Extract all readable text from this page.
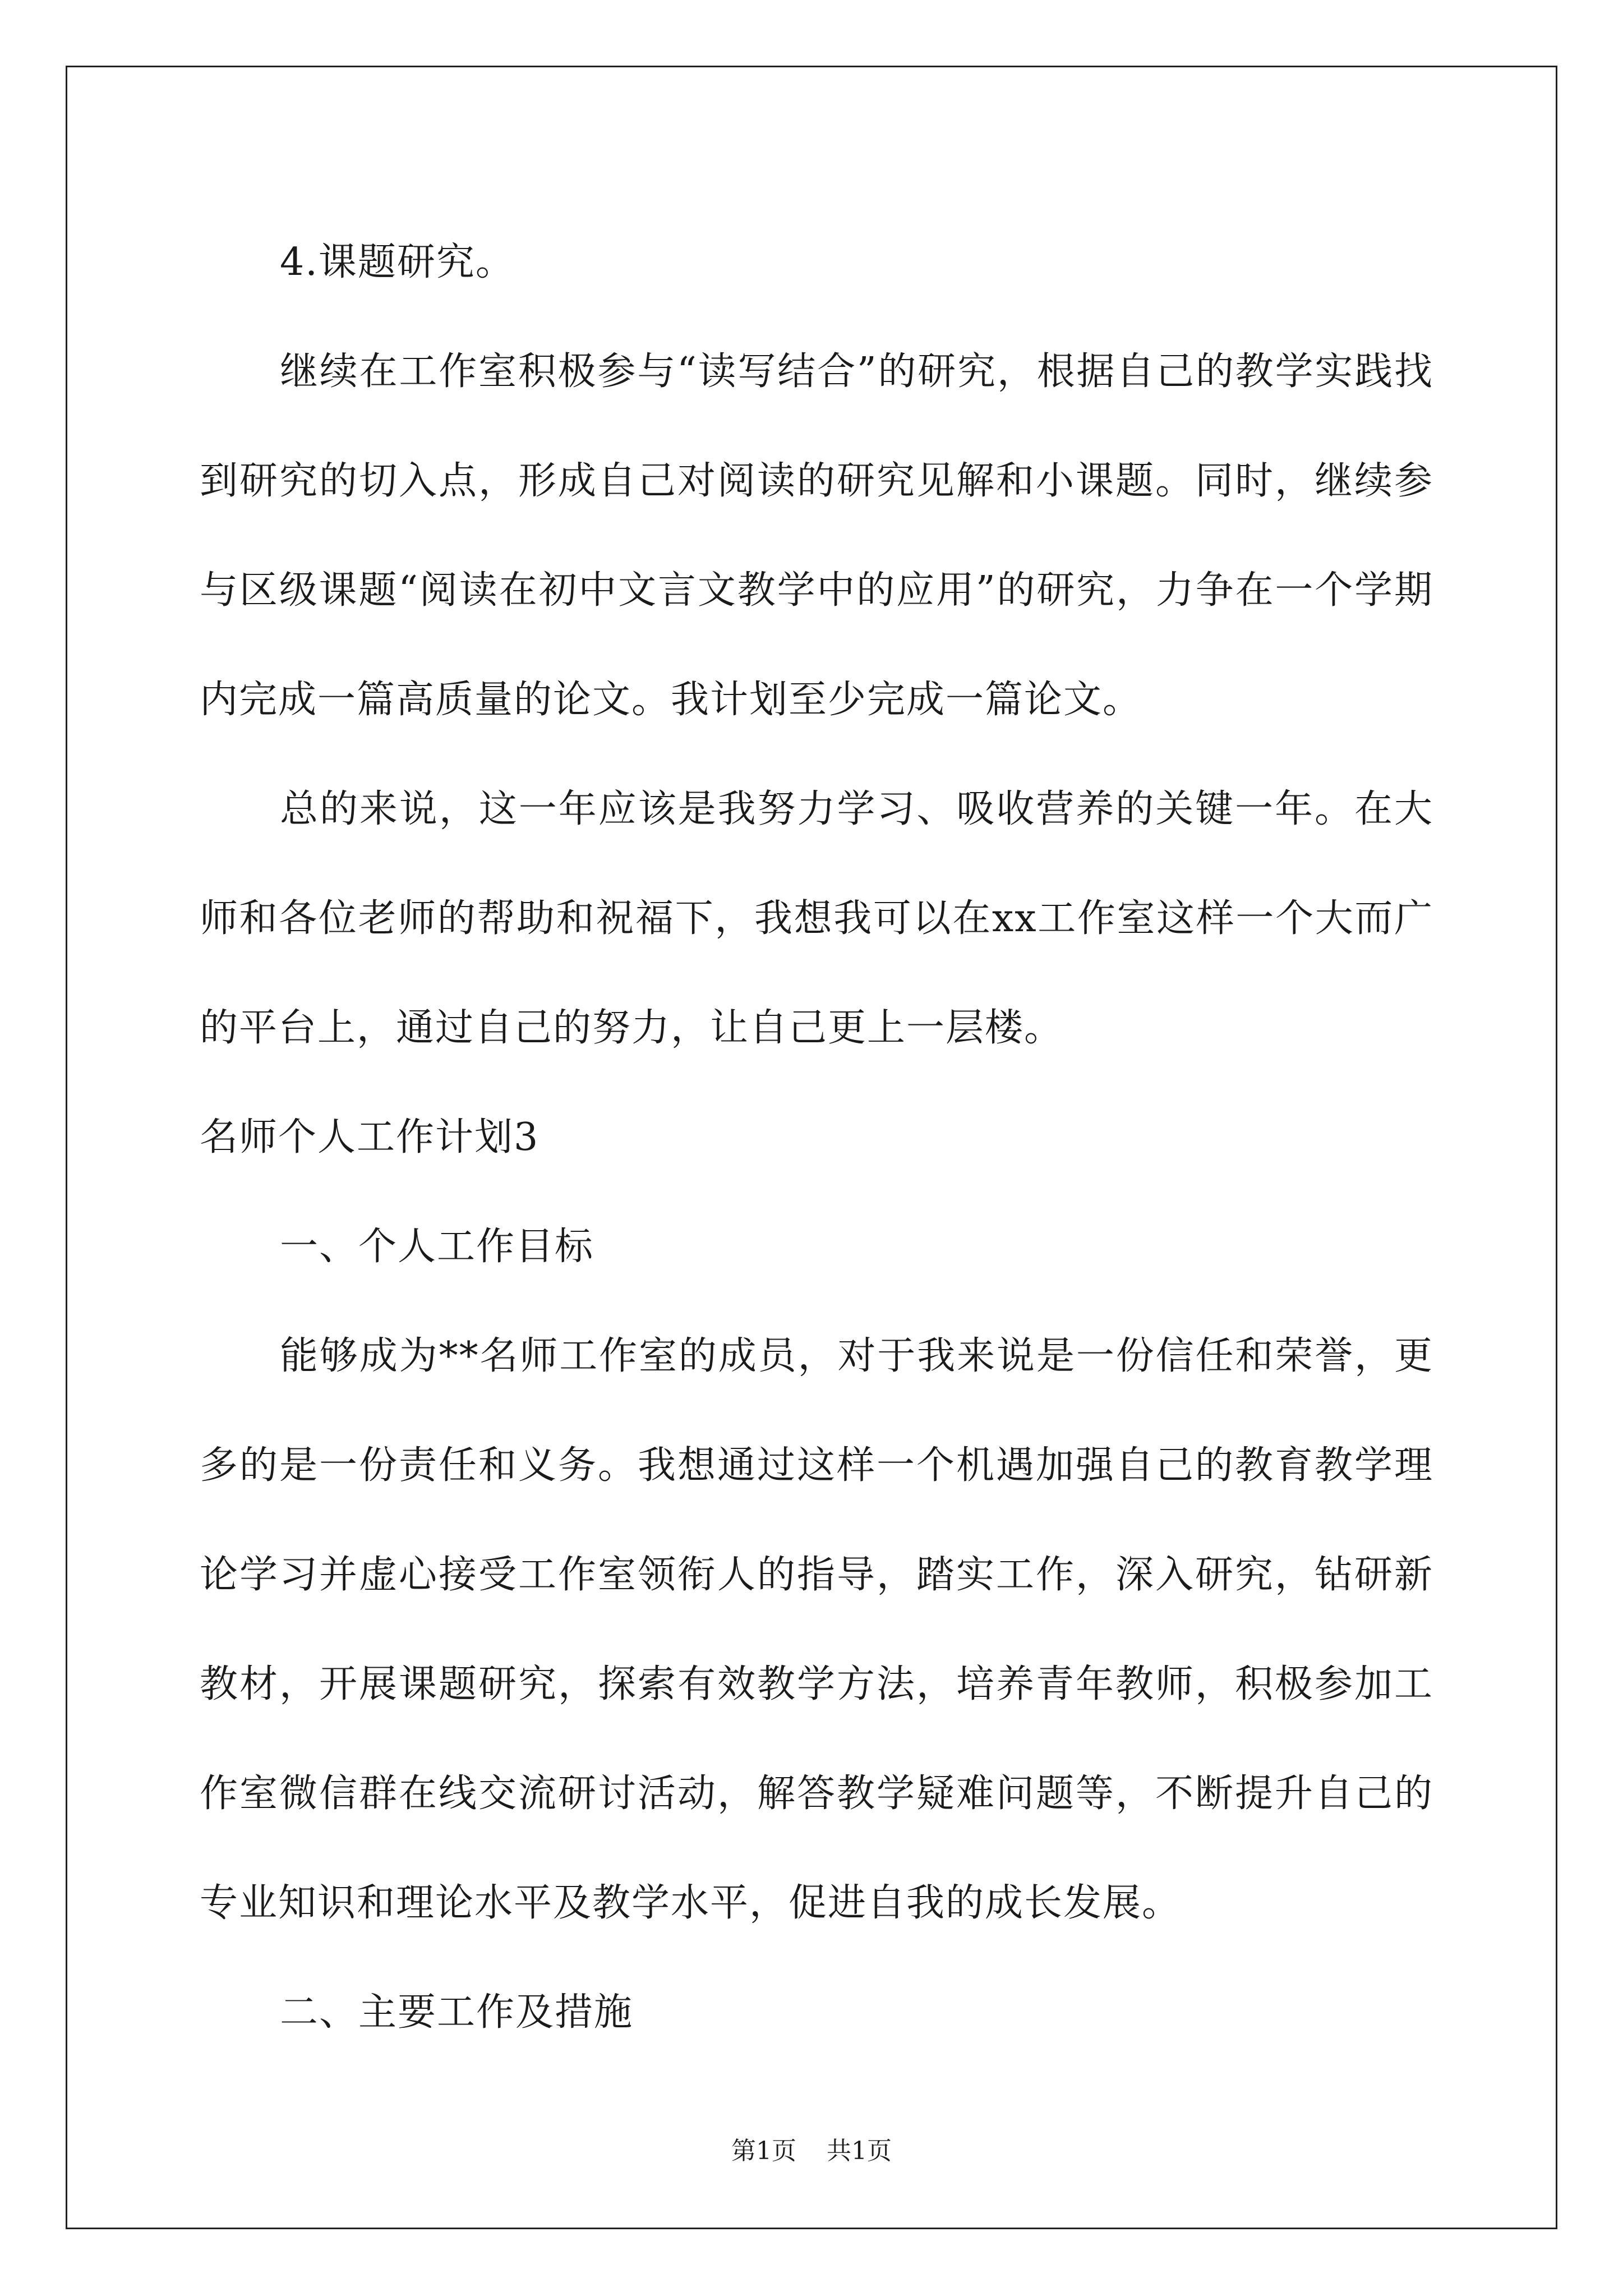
4.课题研究。

继续在工作室积极参与“读写结合”的研究，根据自己的教学实践找到研究的切入点，形成自己对阅读的研究见解和小课题。同时，继续参与区级课题“阅读在初中文言文教学中的应用”的研究，力争在一个学期内完成一篇高质量的论文。我计划至少完成一篇论文。

总的来说，这一年应该是我努力学习、吸收营养的关键一年。在大师和各位老师的帮助和祝福下，我想我可以在xx工作室这样一个大而广的平台上，通过自己的努力，让自己更上一层楼。

名师个人工作计划3

一、个人工作目标

能够成为**名师工作室的成员，对于我来说是一份信任和荣誉，更多的是一份责任和义务。我想通过这样一个机遇加强自己的教育教学理论学习并虚心接受工作室领衔人的指导，踏实工作，深入研究，钻研新教材，开展课题研究，探索有效教学方法，培养青年教师，积极参加工作室微信群在线交流研讨活动，解答教学疑难问题等，不断提升自己的专业知识和理论水平及教学水平，促进自我的成长发展。

二、主要工作及措施

第1页 共1页
